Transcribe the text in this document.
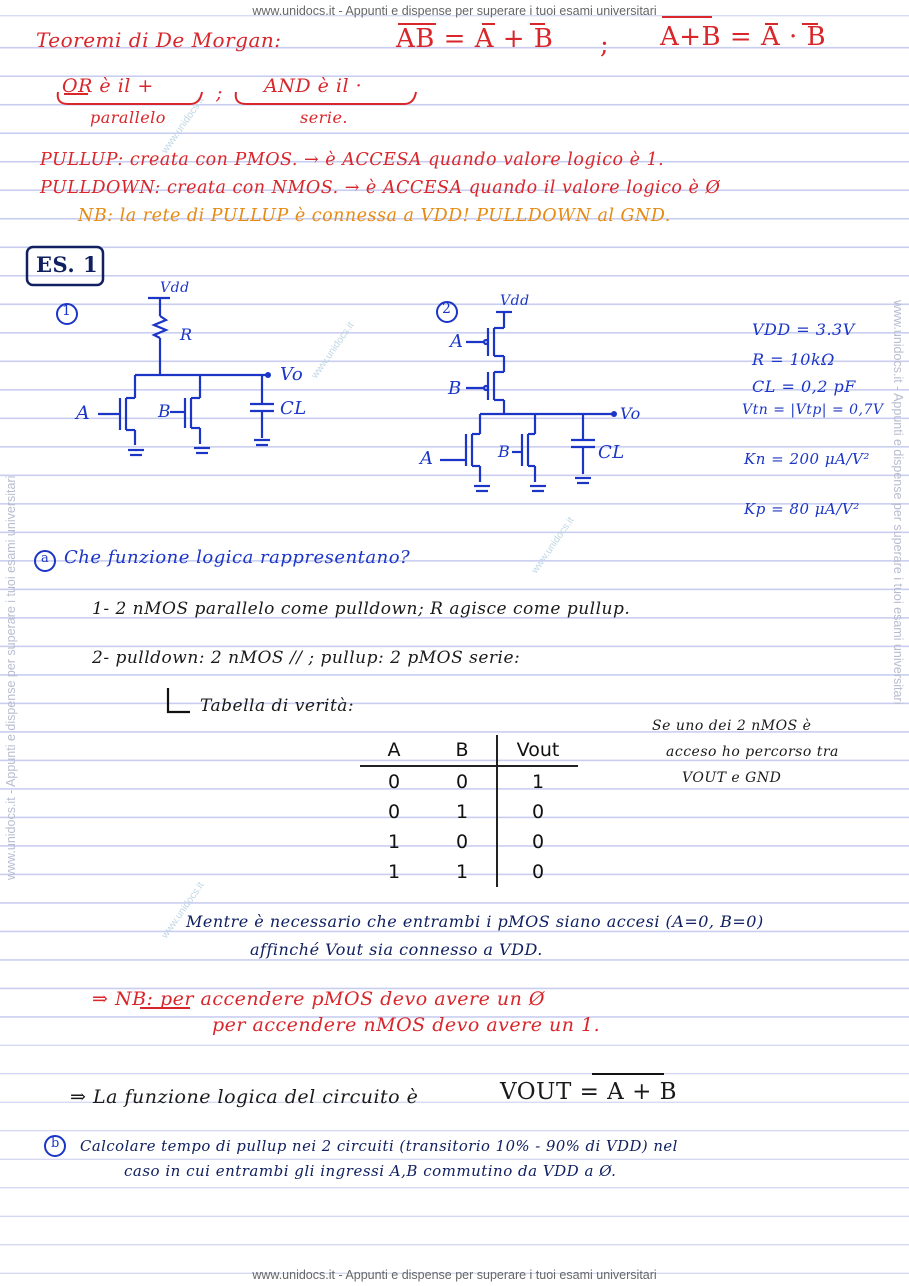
www.unidocs.it - Appunti e dispense per superare i tuoi esami universitari
www.unidocs.it - Appunti e dispense per superare i tuoi esami universitari
www.unidocs.it - Appunti e dispense per superare i tuoi esami universitari	www.unidocs.it - Appunti e dispense per superare i tuoi esami universitari
www.unidocs.it
www.unidocs.it
www.unidocs.it
www.unidocs.it
Teoremi di De Morgan:	AB = A + B ; A+B = A · B
OR è il +	; AND è il ·
parallelo	serie.
PULLUP: creata con PMOS. → è ACCESA quando valore logico è 1.
PULLDOWN: creata con NMOS. → è ACCESA quando il valore logico è Ø
NB: la rete di PULLUP è connessa a VDD! PULLDOWN al GND.
ES. 1
1	2
Vdd
R
A	B
Vo
CL
Vdd
A
B
Vo
A	B	CL
VDD = 3.3V
R = 10kΩ
CL = 0,2 pF
Vtn = |Vtp| = 0,7V
Kn = 200 μA/V²
Kp = 80 μA/V²
a Che funzione logica rappresentano?
1- 2 nMOS parallelo come pulldown; R agisce come pullup.
2- pulldown: 2 nMOS // ; pullup: 2 pMOS serie:
Tabella di verità:
A	B	Vout
0	0	1
0	1	0
1	0	0
1	1	0
Se uno dei 2 nMOS è
acceso ho percorso tra
VOUT e GND
Mentre è necessario che entrambi i pMOS siano accesi (A=0, B=0)
affinché Vout sia connesso a VDD.
⇒ NB: per accendere pMOS devo avere un Ø
per accendere nMOS devo avere un 1.
⇒ La funzione logica del circuito è	VOUT = A + B
b Calcolare tempo di pullup nei 2 circuiti (transitorio 10% - 90% di VDD) nel
caso in cui entrambi gli ingressi A,B commutino da VDD a Ø.
